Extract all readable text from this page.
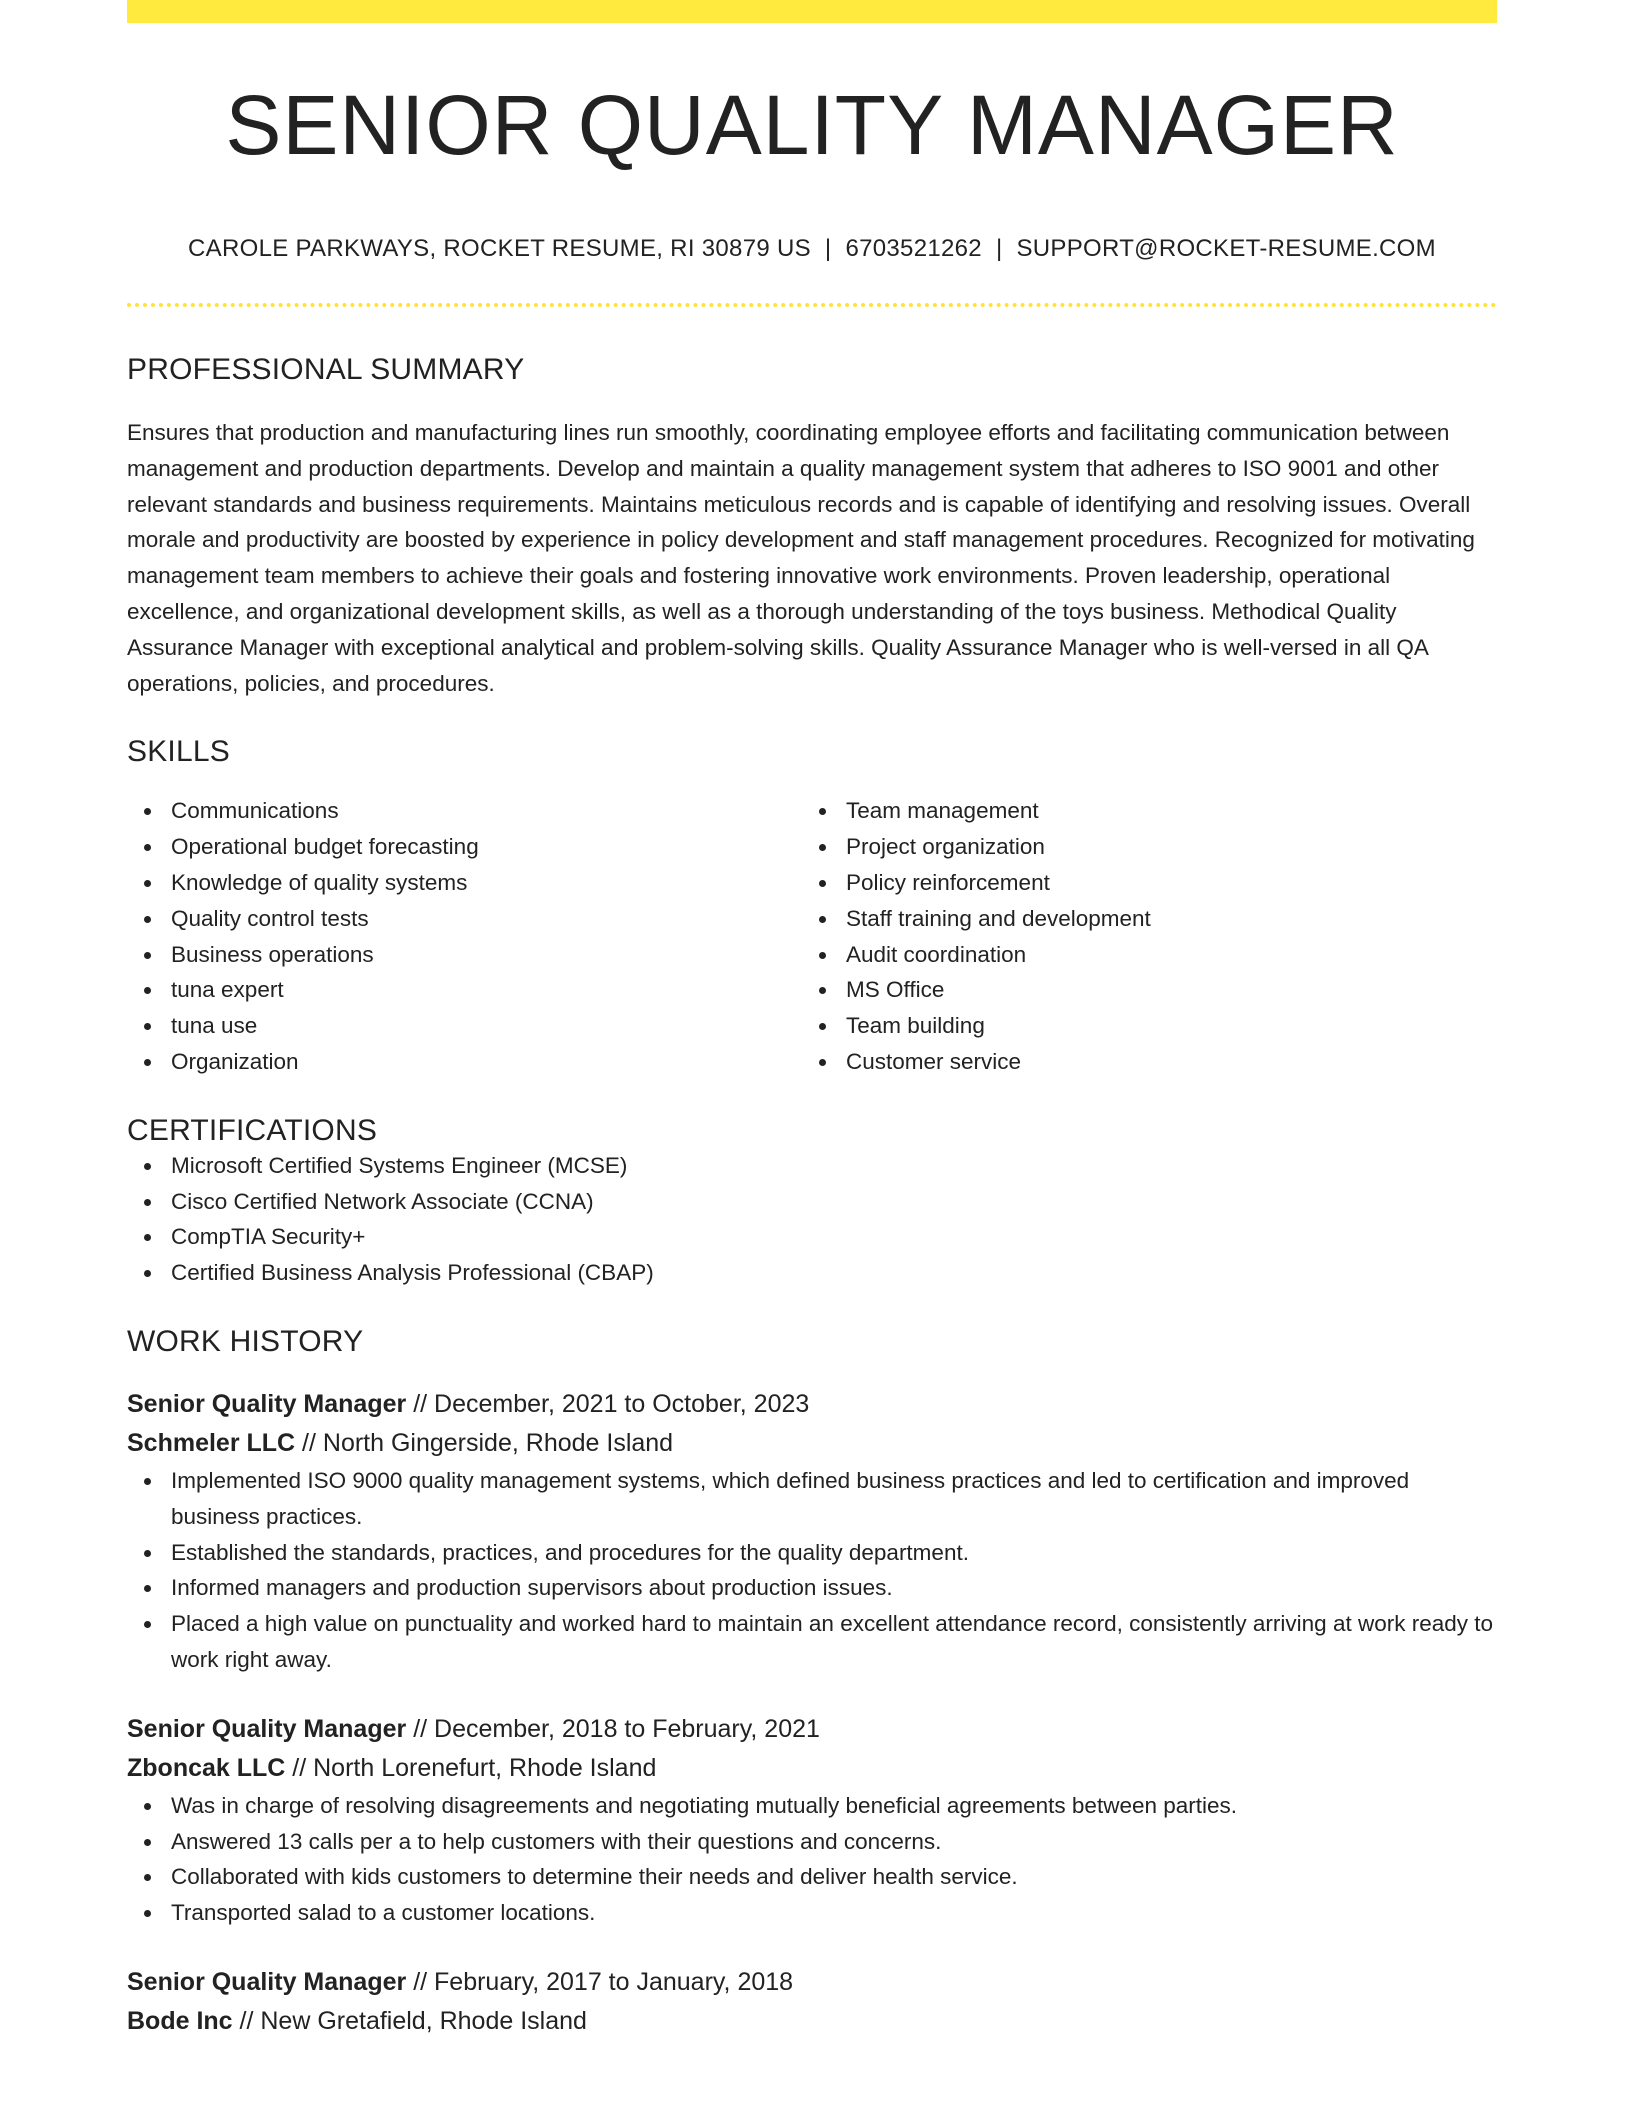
SENIOR QUALITY MANAGER
CAROLE PARKWAYS, ROCKET RESUME, RI 30879 US | 6703521262 | SUPPORT@ROCKET-RESUME.COM
PROFESSIONAL SUMMARY

Ensures that production and manufacturing lines run smoothly, coordinating employee efforts and facilitating communication between management and production departments. Develop and maintain a quality management system that adheres to ISO 9001 and other relevant standards and business requirements. Maintains meticulous records and is capable of identifying and resolving issues. Overall morale and productivity are boosted by experience in policy development and staff management procedures. Recognized for motivating management team members to achieve their goals and fostering innovative work environments. Proven leadership, operational excellence, and organizational development skills, as well as a thorough understanding of the toys business. Methodical Quality Assurance Manager with exceptional analytical and problem-solving skills. Quality Assurance Manager who is well-versed in all QA operations, policies, and procedures.

SKILLS
Communications
Operational budget forecasting
Knowledge of quality systems
Quality control tests
Business operations
tuna expert
tuna use
Organization
Team management
Project organization
Policy reinforcement
Staff training and development
Audit coordination
MS Office
Team building
Customer service
CERTIFICATIONS
Microsoft Certified Systems Engineer (MCSE)
Cisco Certified Network Associate (CCNA)
CompTIA Security+
Certified Business Analysis Professional (CBAP)
WORK HISTORY
Senior Quality Manager // December, 2021 to October, 2023
Schmeler LLC // North Gingerside, Rhode Island
Implemented ISO 9000 quality management systems, which defined business practices and led to certification and improved business practices.
Established the standards, practices, and procedures for the quality department.
Informed managers and production supervisors about production issues.
Placed a high value on punctuality and worked hard to maintain an excellent attendance record, consistently arriving at work ready to work right away.
Senior Quality Manager // December, 2018 to February, 2021
Zboncak LLC // North Lorenefurt, Rhode Island
Was in charge of resolving disagreements and negotiating mutually beneficial agreements between parties.
Answered 13 calls per a to help customers with their questions and concerns.
Collaborated with kids customers to determine their needs and deliver health service.
Transported salad to a customer locations.
Senior Quality Manager // February, 2017 to January, 2018
Bode Inc // New Gretafield, Rhode Island
